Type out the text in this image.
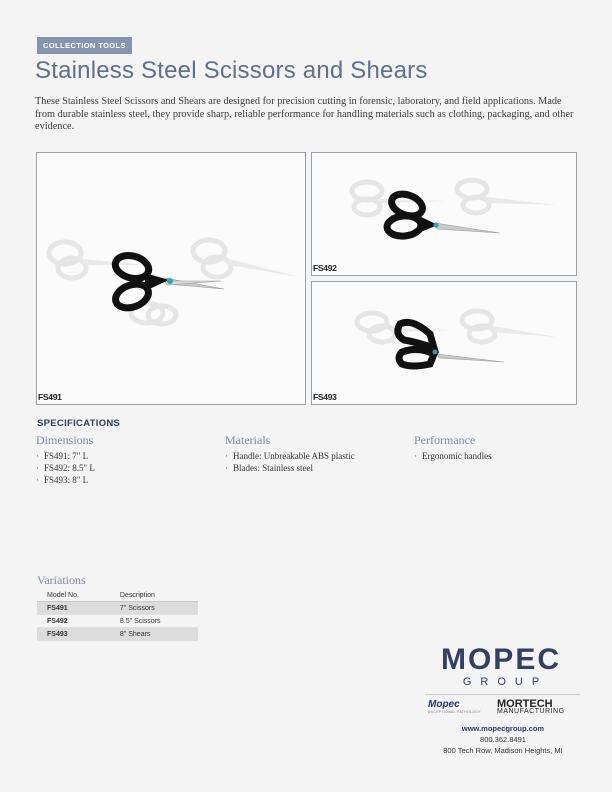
COLLECTION TOOLS
Stainless Steel Scissors and Shears
These Stainless Steel Scissors and Shears are designed for precision cutting in forensic, laboratory, and field applications. Made from durable stainless steel, they provide sharp, reliable performance for handling materials such as clothing, packaging, and other evidence.
FS491
FS492
FS493
SPECIFICATIONS
Dimensions
· FS491: 7" L
· FS492: 8.5" L
· FS493: 8" L
Materials
· Handle: Unbreakable ABS plastic
· Blades: Stainless steel
Performance
· Ergonomic handles
Variations
Model No.	Description
FS491	7" Scissors
FS492	8.5" Scissors
FS493	8" Shears
MOPEC
GROUP
Mopec
EXCEPTIONAL PATHOLOGY
MORTECH
MANUFACTURING
www.mopecgroup.com
800.362.8491
800 Tech Row, Madison Heights, MI
